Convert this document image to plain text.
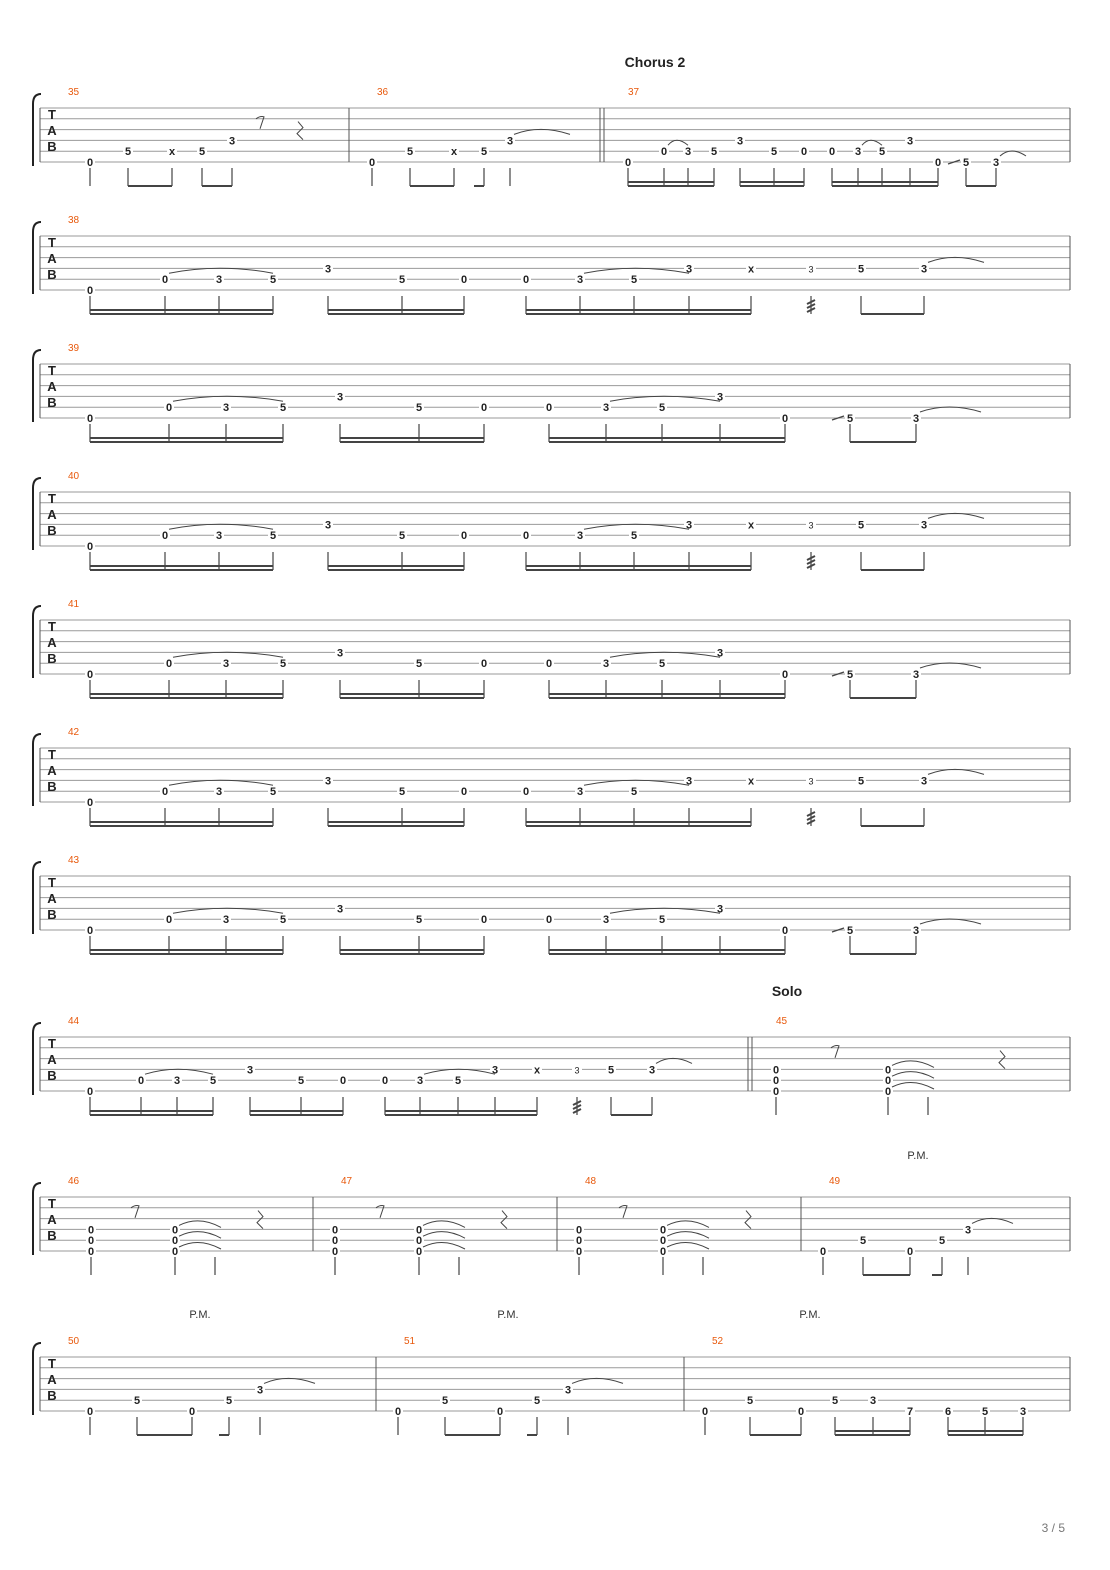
T
A
B
T
A
B
T
A
B
T
A
B
T
A
B
T
A
B
T
A
B
T
A
B
T
A
B
T
A
B
Chorus 2
Solo
35
0
5	x 5
3
36
0
5	x 5
3
37
0
0 3 5
3
5 0 0 3 5
3
0 5 3
38
0
0	3	5
3
5	0	0	3	5
3	x	3	5	3
39
0
0	3	5
3
5	0	0	3	5
3
0	5	3
40
0
0	3	5
3
5	0	0	3	5
3	x	3	5	3
41
0
0	3	5
3
5	0	0	3	5
3
0	5	3
42
0
0	3	5
3
5	0	0	3	5
3	x	3	5	3
43
0
0	3	5
3
5	0	0	3	5
3
0	5	3
44
0
0	3	5
3
5	0	0	3	5
3	x	3	5	3
45
0
0
0
0
0
0
46
0
0
0
0
0
0
47
0
0
0
0
0
0
48
0
0
0
0
0
0
49
P.M.
0
5
0
5
3
50
P.M.
0
5
0
5
3
51
P.M.
0
5
0
5
3
52
P.M.
0
5
0
5	3
7	6	5	3
3 / 5
